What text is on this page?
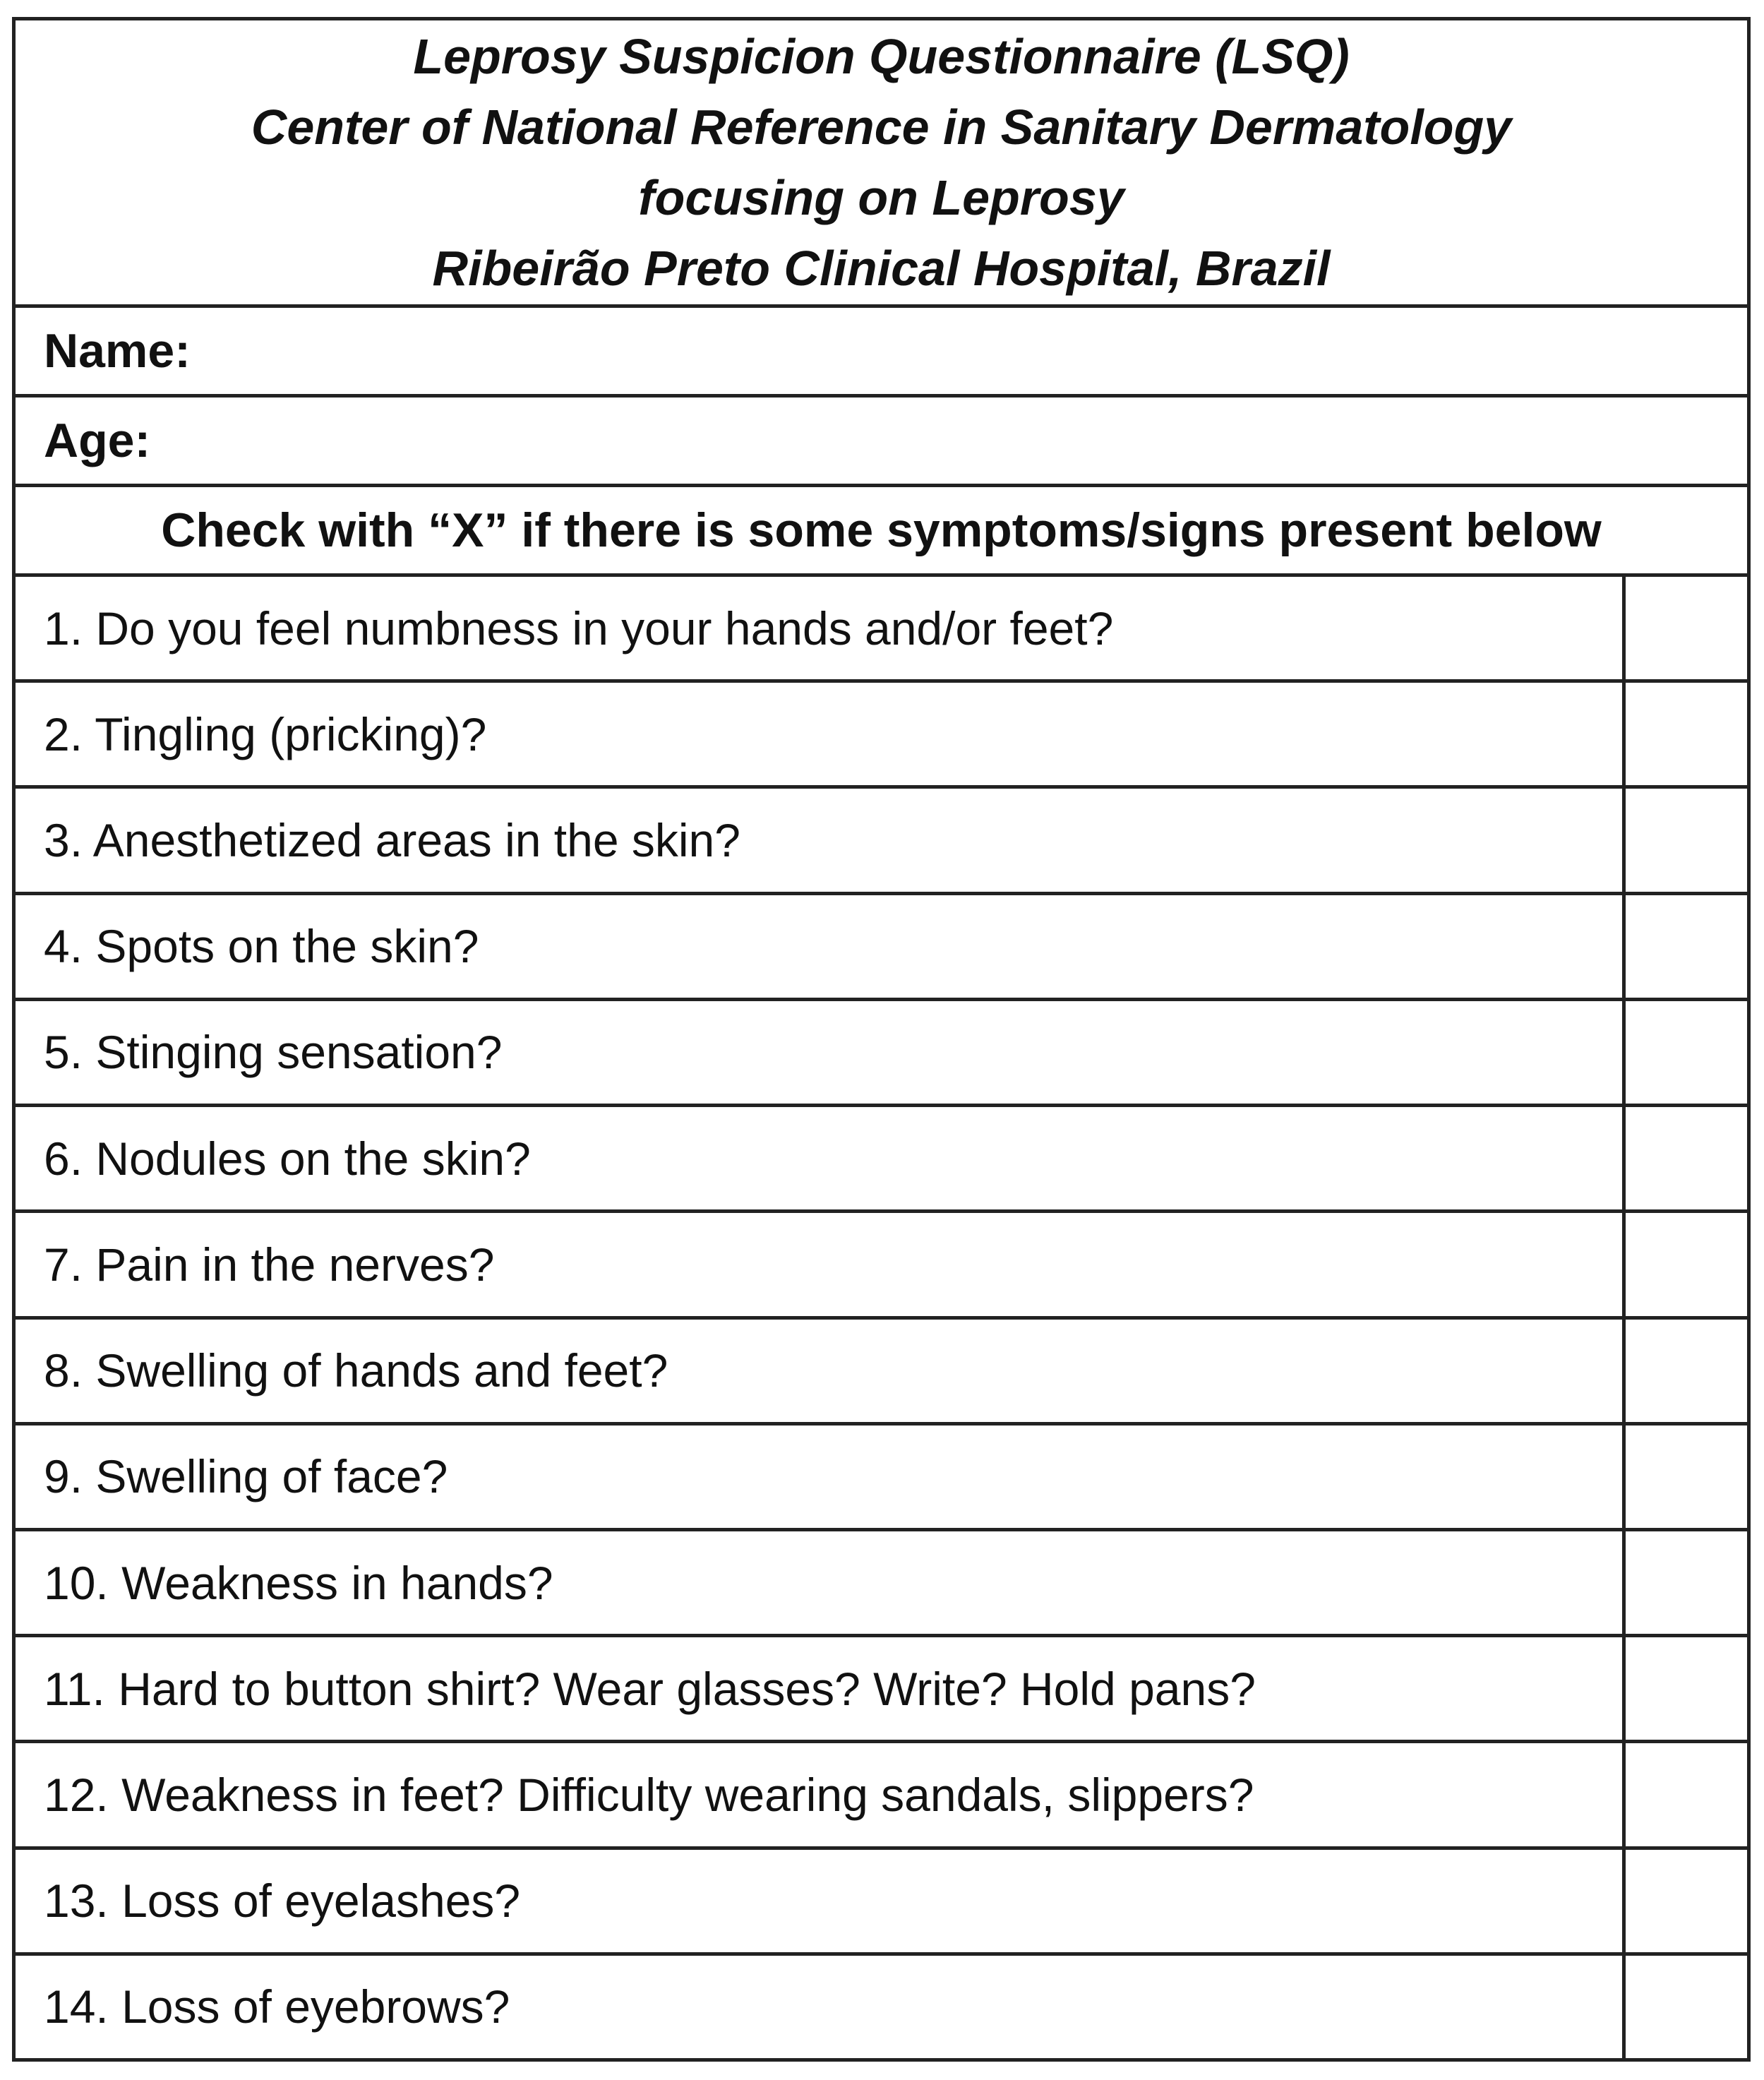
Leprosy Suspicion Questionnaire (LSQ)
Center of National Reference in Sanitary Dermatology
focusing on Leprosy
Ribeirão Preto Clinical Hospital, Brazil
Name:
Age:
Check with “X” if there is some symptoms/signs present below
1. Do you feel numbness in your hands and/or feet?
2. Tingling (pricking)?
3. Anesthetized areas in the skin?
4. Spots on the skin?
5. Stinging sensation?
6. Nodules on the skin?
7. Pain in the nerves?
8. Swelling of hands and feet?
9. Swelling of face?
10. Weakness in hands?
11. Hard to button shirt? Wear glasses? Write? Hold pans?
12. Weakness in feet? Difficulty wearing sandals, slippers?
13. Loss of eyelashes?
14. Loss of eyebrows?
